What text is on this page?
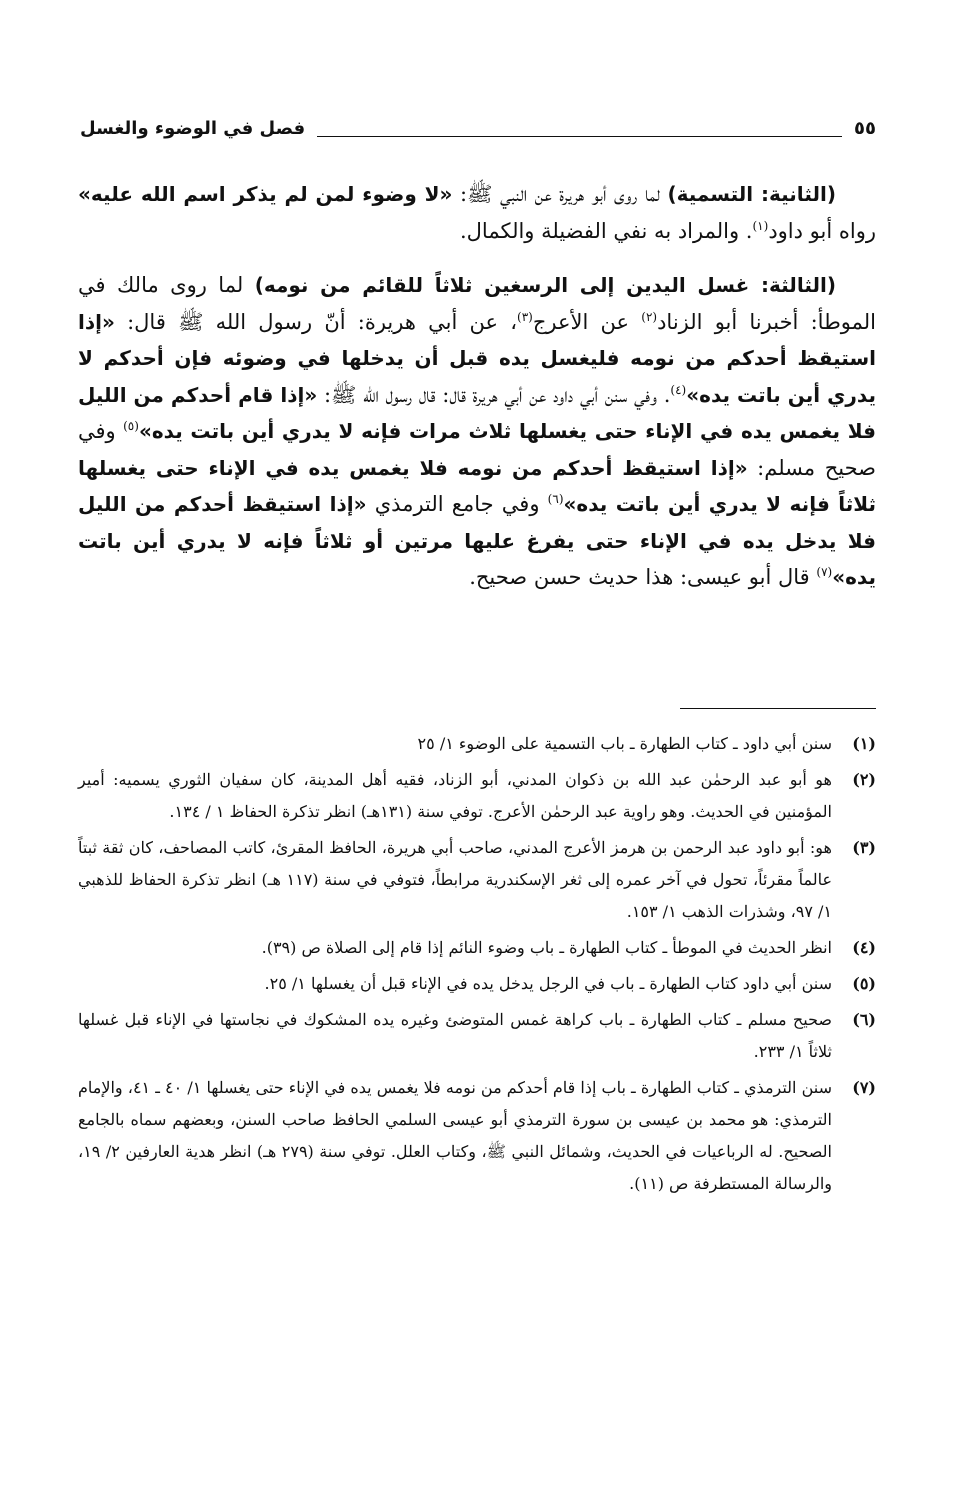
فصل في الوضوء والغسل	٥٥

(الثانية: التسمية) لما روى أبو هريرة عن النبي ﷺ: «لا وضوء لمن لم يذكر اسم الله عليه» رواه أبو داود$^{(١)}$. والمراد به نفي الفضيلة والكمال.

(الثالثة: غسل اليدين إلى الرسغين ثلاثاً للقائم من نومه) لما روى مالك في الموطأ: أخبرنا أبو الزناد$^{(٢)}$ عن الأعرج$^{(٣)}$، عن أبي هريرة: أنّ رسول الله ﷺ قال: «إذا استيقظ أحدكم من نومه فليغسل يده قبل أن يدخلها في وضوئه فإن أحدكم لا يدري أين باتت يده»$^{(٤)}$. وفي سنن أبي داود عن أبي هريرة قال: قال رسول الله ﷺ: «إذا قام أحدكم من الليل فلا يغمس يده في الإناء حتى يغسلها ثلاث مرات فإنه لا يدري أين باتت يده»$^{(٥)}$ وفي صحيح مسلم: «إذا استيقظ أحدكم من نومه فلا يغمس يده في الإناء حتى يغسلها ثلاثاً فإنه لا يدري أين باتت يده»$^{(٦)}$ وفي جامع الترمذي «إذا استيقظ أحدكم من الليل فلا يدخل يده في الإناء حتى يفرغ عليها مرتين أو ثلاثاً فإنه لا يدري أين باتت يده»$^{(٧)}$ قال أبو عيسى: هذا حديث حسن صحيح.

(١)
سنن أبي داود ـ كتاب الطهارة ـ باب التسمية على الوضوء ١/ ٢٥
(٢)
هو أبو عبد الرحمٰن عبد الله بن ذكوان المدني، أبو الزناد، فقيه أهل المدينة، كان سفيان الثوري يسميه: أمير المؤمنين في الحديث. وهو راوية عبد الرحمٰن الأعرج. توفي سنة (١٣١هـ) انظر تذكرة الحفاظ ١ / ١٣٤.
(٣)
هو: أبو داود عبد الرحمن بن هرمز الأعرج المدني، صاحب أبي هريرة، الحافظ المقرئ، كاتب المصاحف، كان ثقة ثبتاً عالماً مقرئاً، تحول في آخر عمره إلى ثغر الإسكندرية مرابطاً، فتوفي في سنة (١١٧ هـ) انظر تذكرة الحفاظ للذهبي ١/ ٩٧، وشذرات الذهب ١/ ١٥٣.
(٤)
انظر الحديث في الموطأ ـ كتاب الطهارة ـ باب وضوء النائم إذا قام إلى الصلاة ص (٣٩).
(٥)
سنن أبي داود كتاب الطهارة ـ باب في الرجل يدخل يده في الإناء قبل أن يغسلها ١/ ٢٥.
(٦)
صحيح مسلم ـ كتاب الطهارة ـ باب كراهة غمس المتوضئ وغيره يده المشكوك في نجاستها في الإناء قبل غسلها ثلاثاً ١/ ٢٣٣.
(٧)
سنن الترمذي ـ كتاب الطهارة ـ باب إذا قام أحدكم من نومه فلا يغمس يده في الإناء حتى يغسلها ١/ ٤٠ ـ ٤١، والإمام الترمذي: هو محمد بن عيسى بن سورة الترمذي أبو عيسى السلمي الحافظ صاحب السنن، وبعضهم سماه بالجامع الصحيح. له الرباعيات في الحديث، وشمائل النبي ﷺ، وكتاب العلل. توفي سنة (٢٧٩ هـ) انظر هدية العارفين ٢/ ١٩، والرسالة المستطرفة ص (١١).
